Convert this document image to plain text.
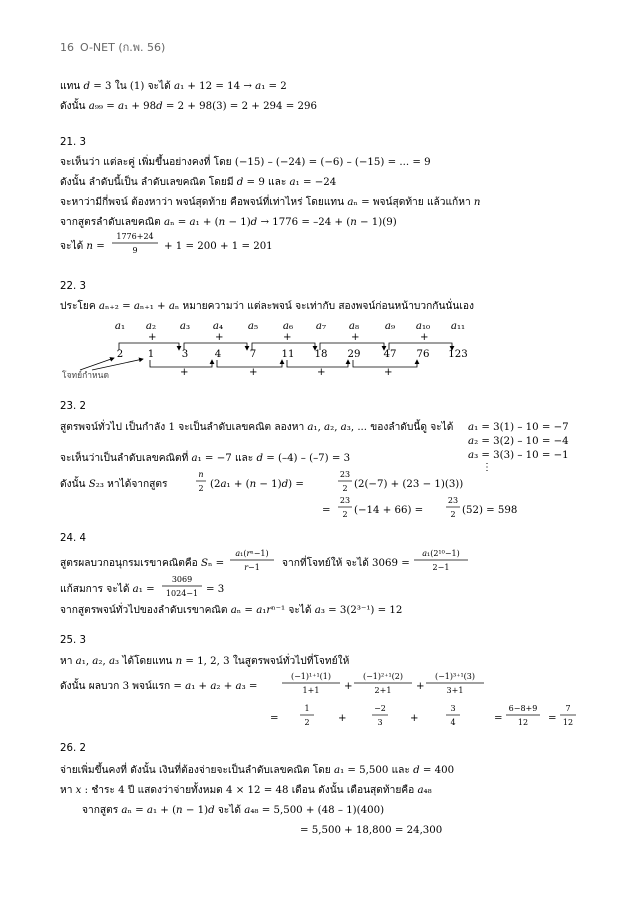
16 O-NET (ก.พ. 56)
แทน 𝑑 = 3 ใน (1) จะได้ 𝑎₁ + 12 = 14 → 𝑎₁ = 2
ดังนั้น 𝑎₉₉ = 𝑎₁ + 98𝑑 = 2 + 98(3) = 2 + 294 = 296
21. 3
จะเห็นว่า แต่ละคู่ เพิ่มขึ้นอย่างคงที่ โดย (−15) – (−24) = (−6) – (−15) = ... = 9
ดังนั้น ลำดับนี้เป็น ลำดับเลขคณิต โดยมี 𝑑 = 9 และ 𝑎₁ = −24
จะหาว่ามีกี่พจน์ ต้องหาว่า พจน์สุดท้าย คือพจน์ที่เท่าไหร่ โดยแทน 𝑎ₙ = พจน์สุดท้าย แล้วแก้หา 𝑛
จากสูตรลำดับเลขคณิต 𝑎ₙ = 𝑎₁ + (𝑛 − 1)𝑑 → 1776 = –24 + (𝑛 − 1)(9)
จะได้ 𝑛 =
1776+24
9	+ 1 = 200 + 1 = 201
22. 3
ประโยค 𝑎ₙ₊₂ = 𝑎ₙ₊₁ + 𝑎ₙ หมายความว่า แต่ละพจน์ จะเท่ากับ สองพจน์ก่อนหน้าบวกกันนั่นเอง
𝑎₁	𝑎₂	𝑎₃	𝑎₄	𝑎₅	𝑎₆	𝑎₇	𝑎₈	𝑎₉	𝑎₁₀	𝑎₁₁
2	1	3	4	7	11	18	29	47	76	123
+
+
+
+
+
+
+
+
+
โจทย์กำหนด
23. 2
สูตรพจน์ทั่วไป เป็นกำลัง 1 จะเป็นลำดับเลขคณิต ลองหา 𝑎₁, 𝑎₂, 𝑎₃, ... ของลำดับนี้ดู จะได้ 𝑎₁ = 3(1) – 10 = −7
𝑎₂ = 3(2) – 10 = −4
𝑎₃ = 3(3) – 10 = −1
⋮
จะเห็นว่าเป็นลำดับเลขคณิตที่ 𝑎₁ = −7 และ 𝑑 = (–4) – (–7) = 3
ดังนั้น 𝑆₂₃ หาได้จากสูตร
𝑛
2 (2𝑎₁ + (𝑛 − 1)𝑑) =
23
2 (2(−7) + (23 − 1)(3))
=
23
2 (−14 + 66) =
23
2 (52) = 598
24. 4
สูตรผลบวกอนุกรมเรขาคณิตคือ 𝑆ₙ =
𝑎₁(𝑟ⁿ−1)
𝑟−1	จากที่โจทย์ให้ จะได้ 3069 =
𝑎₁(2¹⁰−1)
2−1
แก้สมการ จะได้ 𝑎₁ =
3069
1024−1 = 3
จากสูตรพจน์ทั่วไปของลำดับเรขาคณิต 𝑎ₙ = 𝑎₁𝑟ⁿ⁻¹ จะได้ 𝑎₃ = 3(2³⁻¹) = 12
25. 3
หา 𝑎₁, 𝑎₂, 𝑎₃ ได้โดยแทน 𝑛 = 1, 2, 3 ในสูตรพจน์ทั่วไปที่โจทย์ให้
ดังนั้น ผลบวก 3 พจน์แรก = 𝑎₁ + 𝑎₂ + 𝑎₃ =
(−1)¹⁺¹(1)
1+1	+
(−1)²⁺¹(2)
2+1	+
(−1)³⁺¹(3)
3+1
=
1
2	+
−2
3	+
3
4	=
6−8+9
12	=
7
12
26. 2
จ่ายเพิ่มขึ้นคงที่ ดังนั้น เงินที่ต้องจ่ายจะเป็นลำดับเลขคณิต โดย 𝑎₁ = 5,500 และ 𝑑 = 400
หา 𝑥 : ชำระ 4 ปี แสดงว่าจ่ายทั้งหมด 4 × 12 = 48 เดือน ดังนั้น เดือนสุดท้ายคือ 𝑎₄₈
จากสูตร 𝑎ₙ = 𝑎₁ + (𝑛 − 1)𝑑 จะได้ 𝑎₄₈ = 5,500 + (48 – 1)(400)
= 5,500 + 18,800 = 24,300
